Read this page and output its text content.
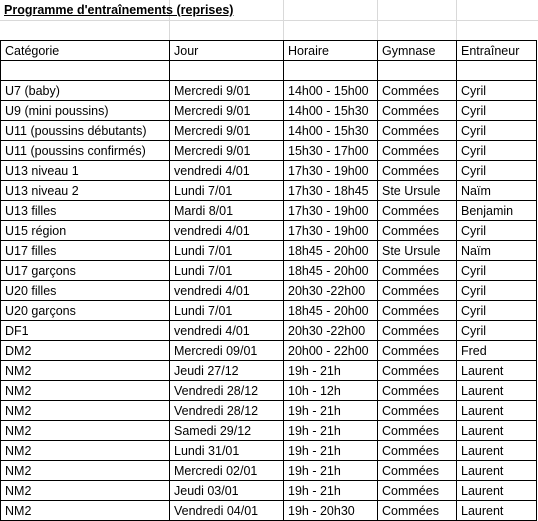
Programme d'entraînements (reprises)
Catégorie	Jour	Horaire	Gymnase	Entraîneur

U7 (baby)	Mercredi 9/01	14h00 - 15h00	Commées	Cyril
U9 (mini poussins)	Mercredi 9/01	14h00 - 15h30	Commées	Cyril
U11 (poussins débutants)	Mercredi 9/01	14h00 - 15h30	Commées	Cyril
U11 (poussins confirmés)	Mercredi 9/01	15h30 - 17h00	Commées	Cyril
U13 niveau 1	vendredi 4/01	17h30 - 19h00	Commées	Cyril
U13 niveau 2	Lundi 7/01	17h30 - 18h45	Ste Ursule	Naïm
U13 filles	Mardi 8/01	17h30 - 19h00	Commées	Benjamin
U15 région	vendredi 4/01	17h30 - 19h00	Commées	Cyril
U17 filles	Lundi 7/01	18h45 - 20h00	Ste Ursule	Naïm
U17 garçons	Lundi 7/01	18h45 - 20h00	Commées	Cyril
U20 filles	vendredi 4/01	20h30 -22h00	Commées	Cyril
U20 garçons	Lundi 7/01	18h45 - 20h00	Commées	Cyril
DF1	vendredi 4/01	20h30 -22h00	Commées	Cyril
DM2	Mercredi 09/01	20h00 - 22h00	Commées	Fred
NM2	Jeudi 27/12	19h - 21h	Commées	Laurent
NM2	Vendredi 28/12	10h - 12h	Commées	Laurent
NM2	Vendredi 28/12	19h - 21h	Commées	Laurent
NM2	Samedi 29/12	19h - 21h	Commées	Laurent
NM2	Lundi 31/01	19h - 21h	Commées	Laurent
NM2	Mercredi 02/01	19h - 21h	Commées	Laurent
NM2	Jeudi 03/01	19h - 21h	Commées	Laurent
NM2	Vendredi 04/01	19h - 20h30	Commées	Laurent
